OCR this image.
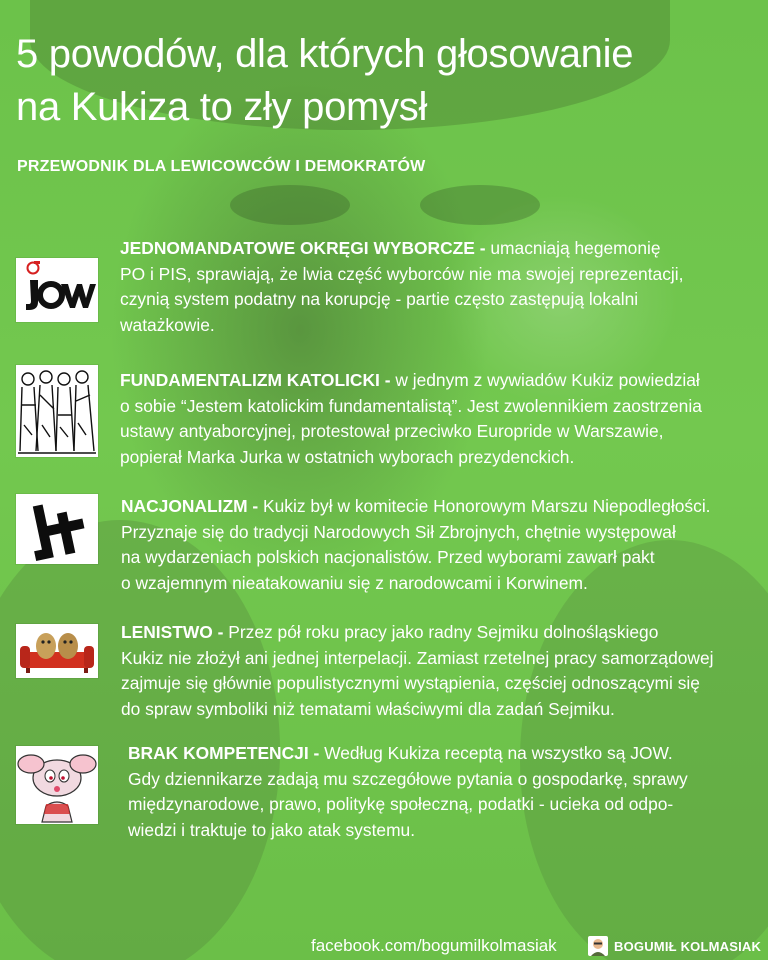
5 powodów, dla których głosowanie
na Kukiza to zły pomysł

PRZEWODNIK DLA LEWICOWCÓW I DEMOKRATÓW

JEDNOMANDATOWE OKRĘGI WYBORCZE - umacniają hegemonię
PO i PIS, sprawiają, że lwia część wyborców nie ma swojej reprezentacji,
czynią system podatny na korupcję - partie często zastępują lokalni
watażkowie.
FUNDAMENTALIZM KATOLICKI - w jednym z wywiadów Kukiz powiedział
o sobie “Jestem katolickim fundamentalistą”. Jest zwolennikiem zaostrzenia
ustawy antyaborcyjnej, protestował przeciwko Europride w Warszawie,
popierał Marka Jurka w ostatnich wyborach prezydenckich.
NACJONALIZM - Kukiz był w komitecie Honorowym Marszu Niepodległości.
Przyznaje się do tradycji Narodowych Sił Zbrojnych, chętnie występował
na wydarzeniach polskich nacjonalistów. Przed wyborami zawarł pakt
o wzajemnym nieatakowaniu się z narodowcami i Korwinem.
LENISTWO - Przez pół roku pracy jako radny Sejmiku dolnośląskiego
Kukiz nie złożył ani jednej interpelacji. Zamiast rzetelnej pracy samorządowej
zajmuje się głównie populistycznymi wystąpienia, częściej odnoszącymi się
do spraw symboliki niż tematami właściwymi dla zadań Sejmiku.
BRAK KOMPETENCJI - Według Kukiza receptą na wszystko są JOW.
Gdy dziennikarze zadają mu szczegółowe pytania o gospodarkę, sprawy
międzynarodowe, prawo, politykę społeczną, podatki - ucieka od odpo-
wiedzi i traktuje to jako atak systemu.
facebook.com/bogumilkolmasiak	BOGUMIŁ KOLMASIAK
